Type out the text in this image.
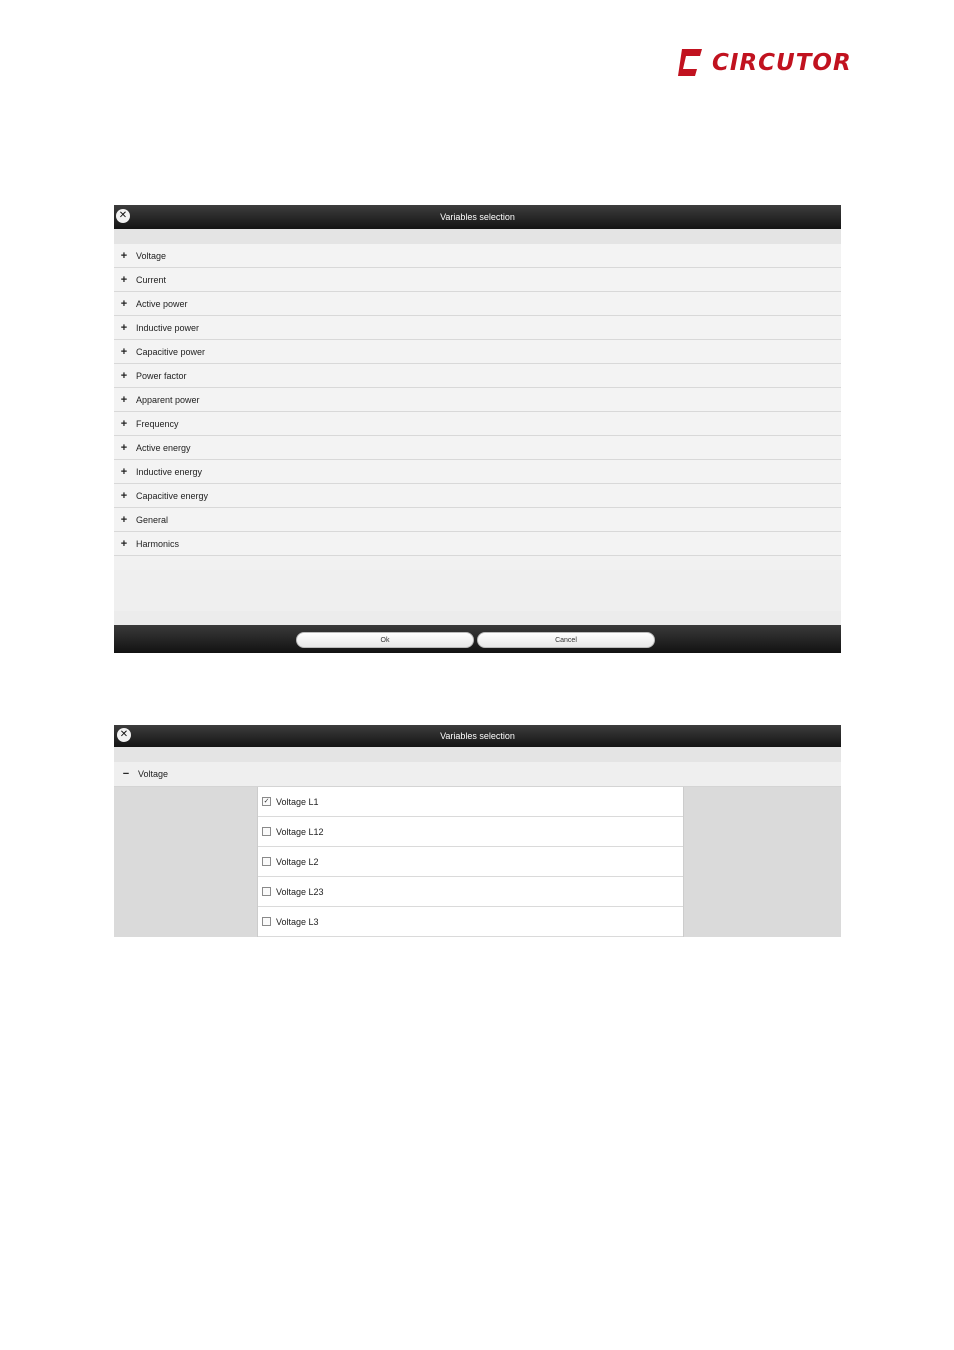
CIRCUTOR
✕	Variables selection
+ Voltage
+ Current
+ Active power
+ Inductive power
+ Capacitive power
+ Power factor
+ Apparent power
+ Frequency
+ Active energy
+ Inductive energy
+ Capacitive energy
+ General
+ Harmonics
Ok	Cancel
✕	Variables selection
− Voltage
✓ Voltage L1
Voltage L12
Voltage L2
Voltage L23
Voltage L3
